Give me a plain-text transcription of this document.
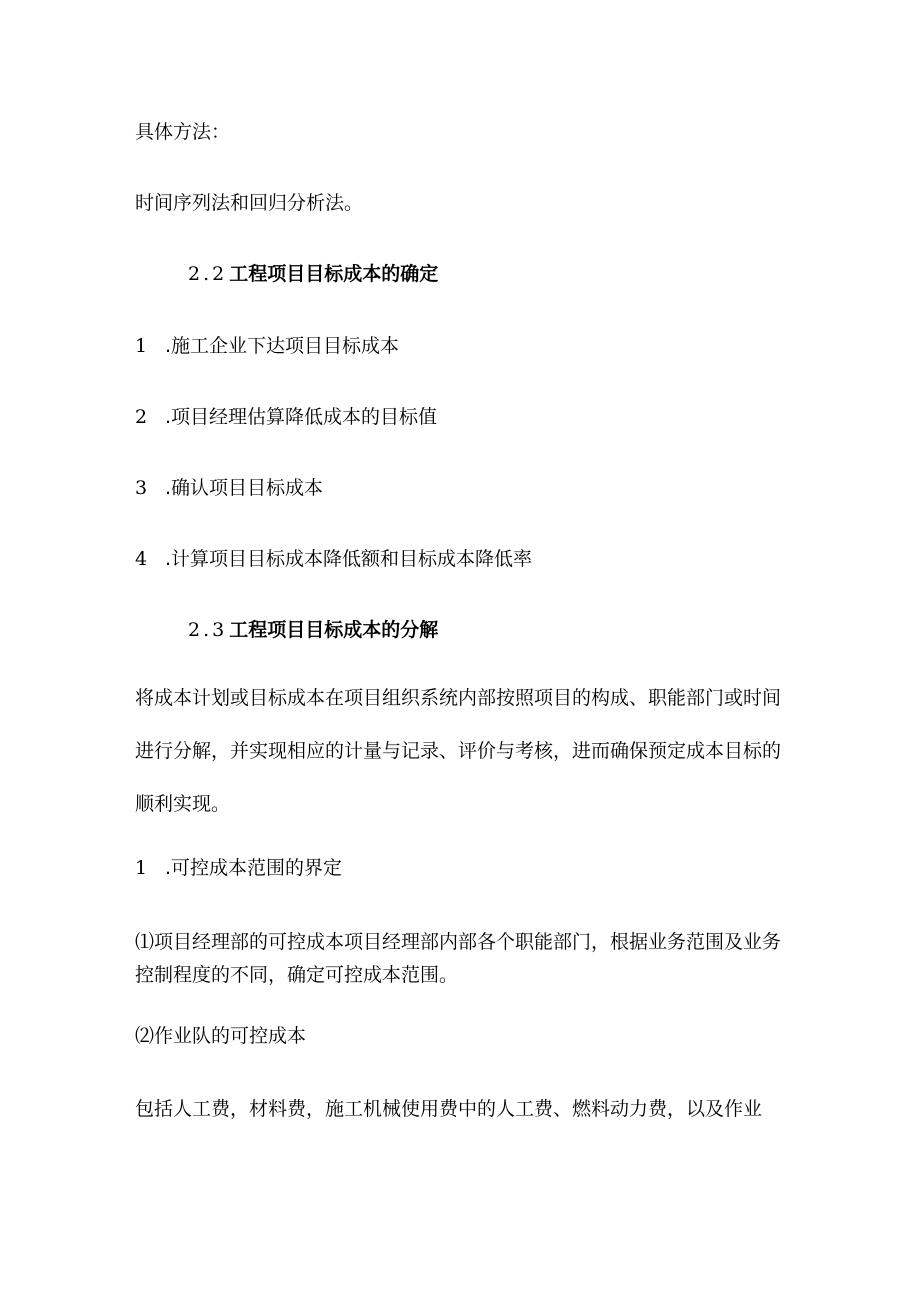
具体方法：
时间序列法和回归分析法。
2.2 工程项目目标成本的确定
1 .施工企业下达项目目标成本
2 .项目经理估算降低成本的目标值
3 .确认项目目标成本
4 .计算项目目标成本降低额和目标成本降低率
2.3 工程项目目标成本的分解
将成本计划或目标成本在项目组织系统内部按照项目的构成、职能部门或时间进行分解，并实现相应的计量与记录、评价与考核，进而确保预定成本目标的顺利实现。
1 .可控成本范围的界定
⑴项目经理部的可控成本项目经理部内部各个职能部门，根据业务范围及业务控制程度的不同，确定可控成本范围。
⑵作业队的可控成本
包括人工费，材料费，施工机械使用费中的人工费、燃料动力费，以及作业
